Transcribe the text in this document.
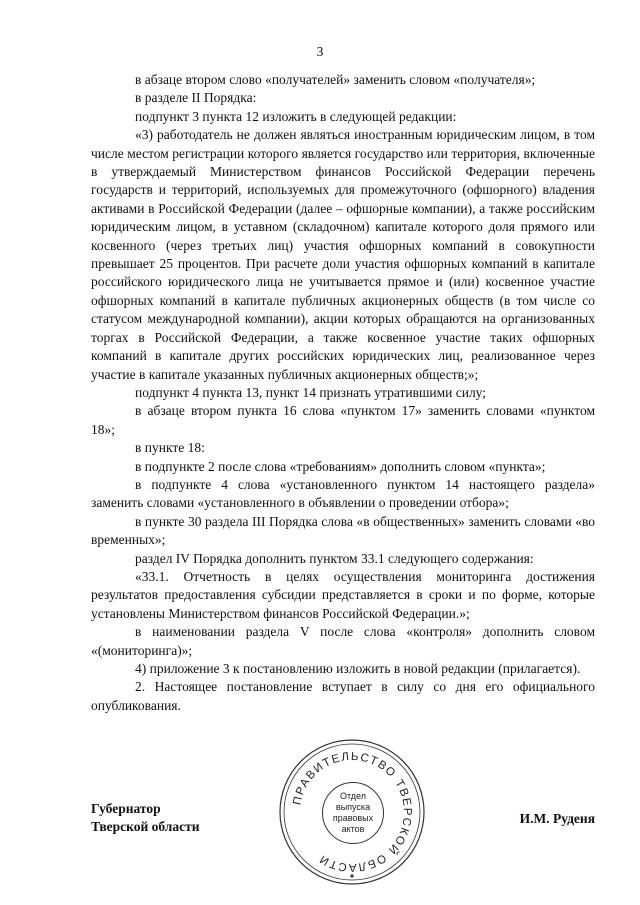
3

в абзаце втором слово «получателей» заменить словом «получателя»;

в разделе II Порядка:

подпункт 3 пункта 12 изложить в следующей редакции:

«3) работодатель не должен являться иностранным юридическим лицом, в том числе местом регистрации которого является государство или территория, включенные в утверждаемый Министерством финансов Российской Федерации перечень государств и территорий, используемых для промежуточного (офшорного) владения активами в Российской Федерации (далее – офшорные компании), а также российским юридическим лицом, в уставном (складочном) капитале которого доля прямого или косвенного (через третьих лиц) участия офшорных компаний в совокупности превышает 25 процентов. При расчете доли участия офшорных компаний в капитале российского юридического лица не учитывается прямое и (или) косвенное участие офшорных компаний в капитале публичных акционерных обществ (в том числе со статусом международной компании), акции которых обращаются на организованных торгах в Российской Федерации, а также косвенное участие таких офшорных компаний в капитале других российских юридических лиц, реализованное через участие в капитале указанных публичных акционерных обществ;»;

подпункт 4 пункта 13, пункт 14 признать утратившими силу;

в абзаце втором пункта 16 слова «пунктом 17» заменить словами «пунктом 18»;

в пункте 18:

в подпункте 2 после слова «требованиям» дополнить словом «пункта»;

в подпункте 4 слова «установленного пунктом 14 настоящего раздела» заменить словами «установленного в объявлении о проведении отбора»;

в пункте 30 раздела III Порядка слова «в общественных» заменить словами «во временных»;

раздел IV Порядка дополнить пунктом 33.1 следующего содержания:

«33.1. Отчетность в целях осуществления мониторинга достижения результатов предоставления субсидии представляется в сроки и по форме, которые установлены Министерством финансов Российской Федерации.»;

в наименовании раздела V после слова «контроля» дополнить словом «(мониторинга)»;

4) приложение 3 к постановлению изложить в новой редакции (прилагается).

2. Настоящее постановление вступает в силу со дня его официального опубликования.

Губернатор
Тверской области
И.М. Руденя
ПРАВИТЕЛЬСТВО ТВЕРСКОЙ ОБЛАСТИ
Отдел
выпуска
правовых
актов
